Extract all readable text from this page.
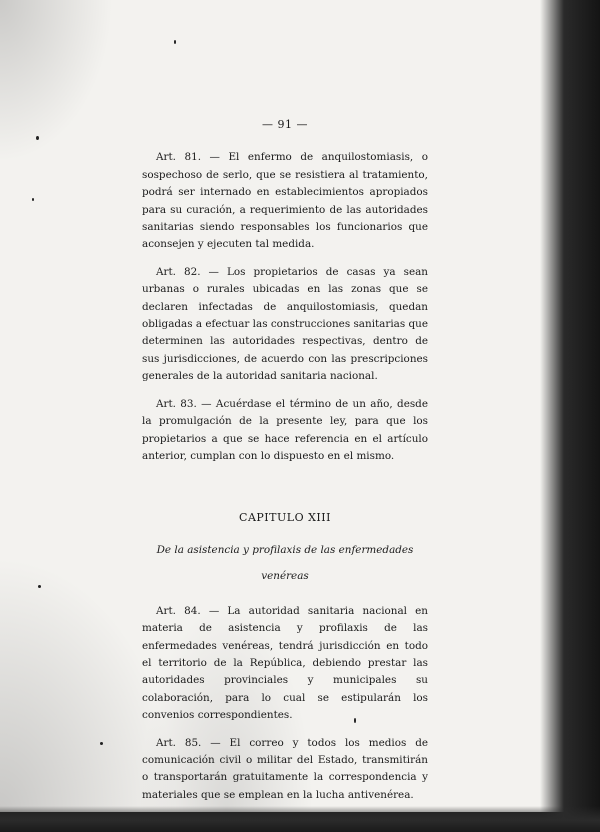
— 91 —

Art. 81. — El enfermo de anquilostomiasis, o sospechoso de serlo, que se resistiera al tratamiento, podrá ser internado en establecimientos apropiados para su curación, a requerimiento de las autoridades sanitarias siendo responsables los funcionarios que aconsejen y ejecuten tal medida.

Art. 82. — Los propietarios de casas ya sean urbanas o rurales ubicadas en las zonas que se declaren infectadas de anquilostomiasis, quedan obligadas a efectuar las construcciones sanitarias que determinen las autoridades respectivas, dentro de sus jurisdicciones, de acuerdo con las prescripciones generales de la autoridad sanitaria nacional.

Art. 83. — Acuérdase el término de un año, desde la promulgación de la presente ley, para que los propietarios a que se hace referencia en el artículo anterior, cumplan con lo dispuesto en el mismo.

CAPITULO XIII

De la asistencia y profilaxis de las enfermedades

venéreas

Art. 84. — La autoridad sanitaria nacional en materia de asistencia y profilaxis de las enfermedades venéreas, tendrá jurisdicción en todo el territorio de la República, debiendo prestar las autoridades provinciales y municipales su colaboración, para lo cual se estipularán los convenios correspondientes.

Art. 85. — El correo y todos los medios de comunicación civil o militar del Estado, transmitirán o transportarán gratuitamente la correspondencia y materiales que se emplean en la lucha antivenérea.
